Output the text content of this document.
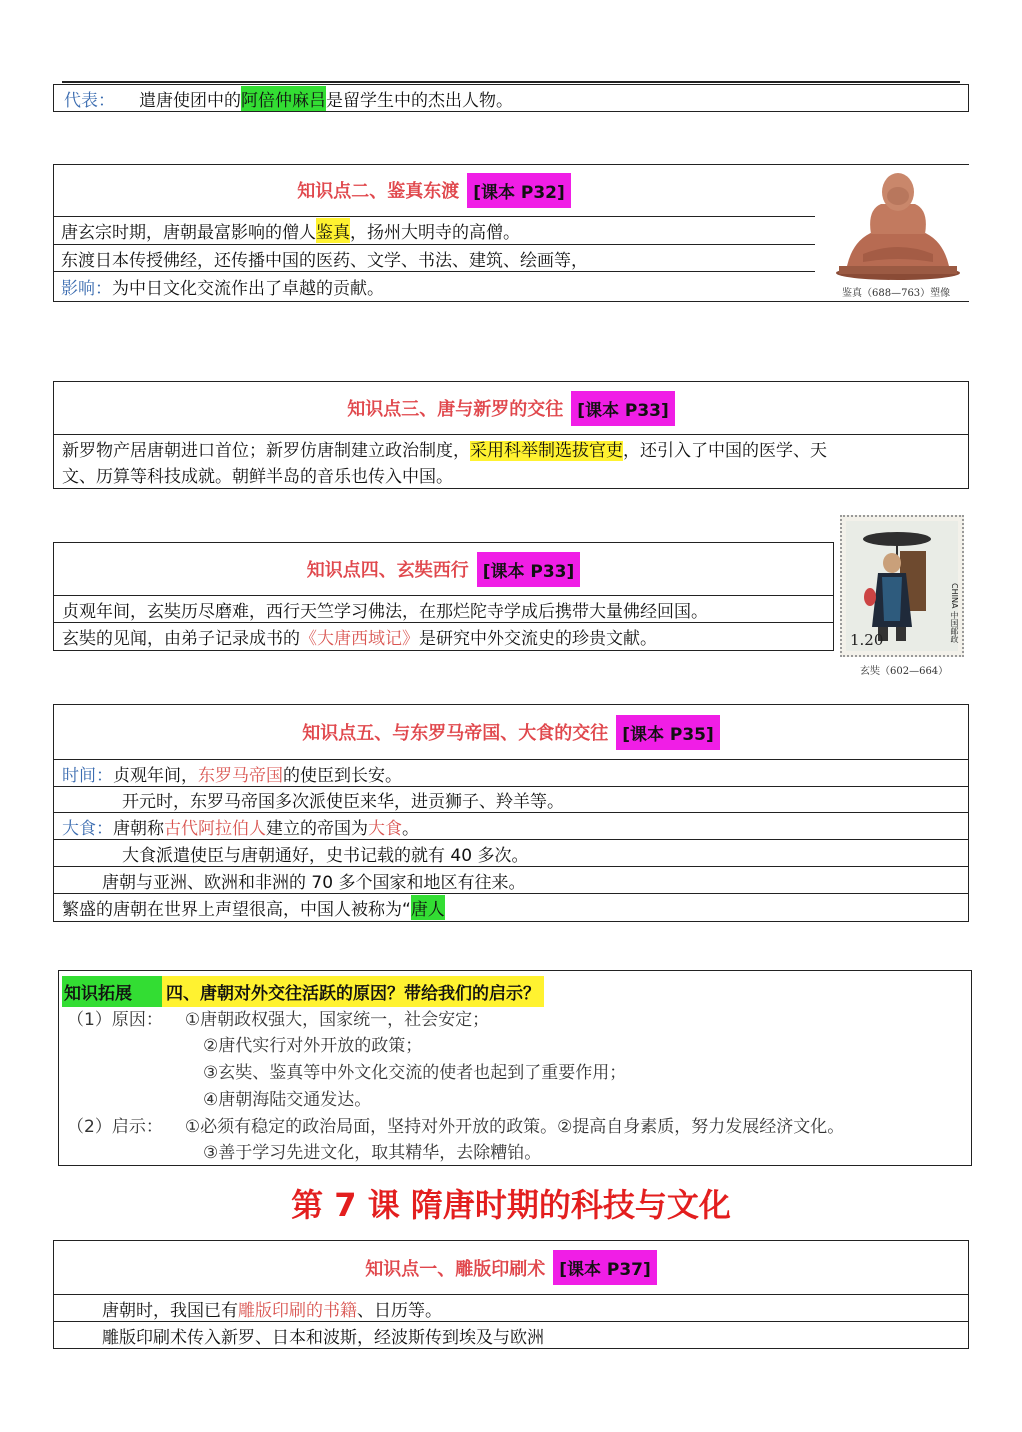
代表： 遣唐使团中的 阿倍仲麻吕 是留学生中的杰出人物。
知识点二、鉴真东渡 [课本 P32]
唐玄宗时期，唐朝最富影响的僧人 鉴真 ，扬州大明寺的高僧。
东渡日本传授佛经，还传播中国的医药、文学、书法、建筑、绘画等，
影响： 为中日文化交流作出了卓越的贡献。	鉴真（688—763）塑像
知识点三、唐与新罗的交往 [课本 P33]
新罗物产居唐朝进口首位；新罗仿唐制建立政治制度，采用科举制选拔官吏，还引入了中国的医学、天
文、历算等科技成就。朝鲜半岛的音乐也传入中国。
知识点四、玄奘西行 [课本 P33]
贞观年间，玄奘历尽磨难，西行天竺学习佛法，在那烂陀寺学成后携带大量佛经回国。
玄奘的见闻，由弟子记录成书的 《大唐西域记》 是研究中外交流史的珍贵文献。	1.20	CHINA 中国邮政
玄奘（602—664）
知识点五、与东罗马帝国、大食的交往 [课本 P35]
时间： 贞观年间， 东罗马帝国 的使臣到长安。
开元时，东罗马帝国多次派使臣来华，进贡狮子、羚羊等。
大食： 唐朝称 古代阿拉伯人 建立的帝国为 大食 。
大食派遣使臣与唐朝通好，史书记载的就有 40 多次。
唐朝与亚洲、欧洲和非洲的 70 多个国家和地区有往来。
繁盛的唐朝在世界上声望很高，中国人被称为“ 唐人
知识拓展 四、唐朝对外交往活跃的原因？带给我们的启示？
（1）原因： ①唐朝政权强大，国家统一，社会安定；
②唐代实行对外开放的政策；
③玄奘、鉴真等中外文化交流的使者也起到了重要作用；
④唐朝海陆交通发达。
（2）启示： ①必须有稳定的政治局面，坚持对外开放的政策。②提高自身素质，努力发展经济文化。
③善于学习先进文化，取其精华，去除糟铂。
第 7 课 隋唐时期的科技与文化
知识点一、雕版印刷术 [课本 P37]
唐朝时，我国已有 雕版印刷的书籍 、日历等。
雕版印刷术传入新罗、日本和波斯，经波斯传到埃及与欧洲
